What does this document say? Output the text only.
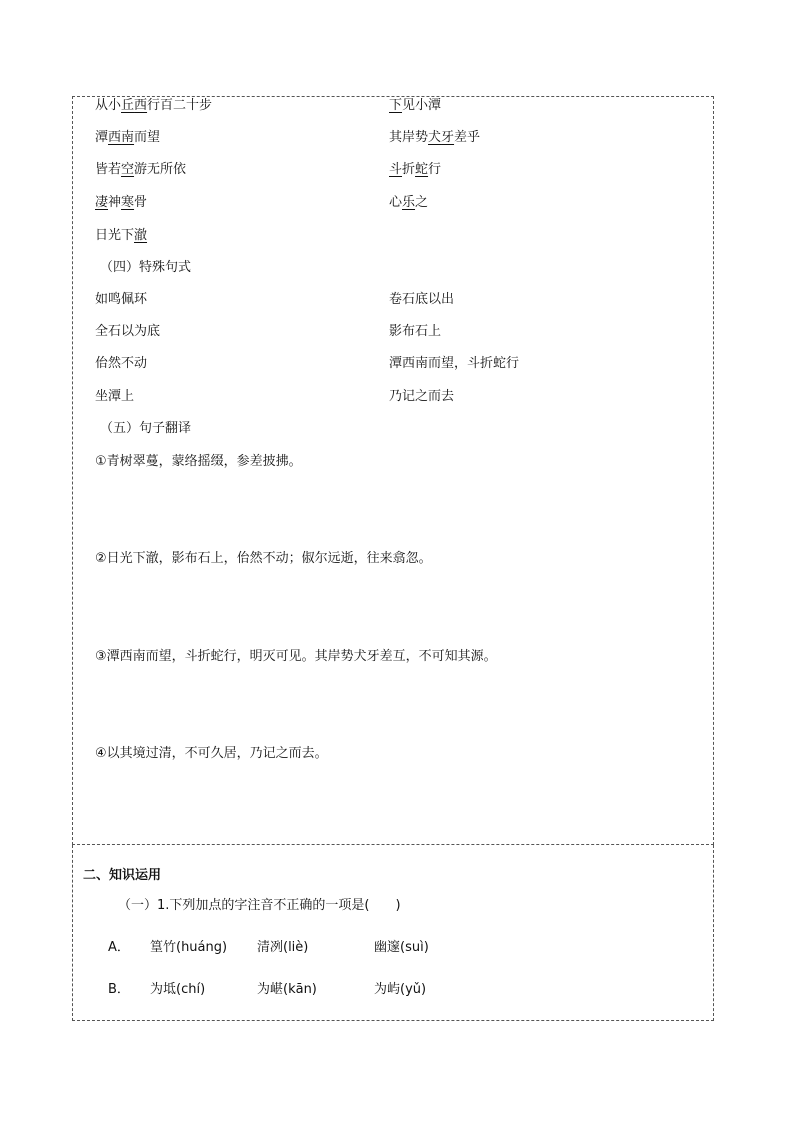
从小丘西行百二十步	下见小潭
潭西南而望	其岸势犬牙差乎
皆若空游无所依	斗折蛇行
凄神寒骨	心乐之
日光下澈
（四）特殊句式
如鸣佩环	卷石底以出
全石以为底	影布石上
佁然不动	潭西南而望，斗折蛇行
坐潭上	乃记之而去
（五）句子翻译
①青树翠蔓，蒙络摇缀，参差披拂。
②日光下澈，影布石上，佁然不动；俶尔远逝，往来翕忽。
③潭西南而望，斗折蛇行，明灭可见。其岸势犬牙差互，不可知其源。
④以其境过清，不可久居，乃记之而去。
二、知识运用
（一）1.下列加点的字注音不正确的一项是(　　)
A． 篁竹(huáng) 清冽(liè)	幽邃(suì)
B． 为坻(chí)	为嵁(kān)	为屿(yǔ)
